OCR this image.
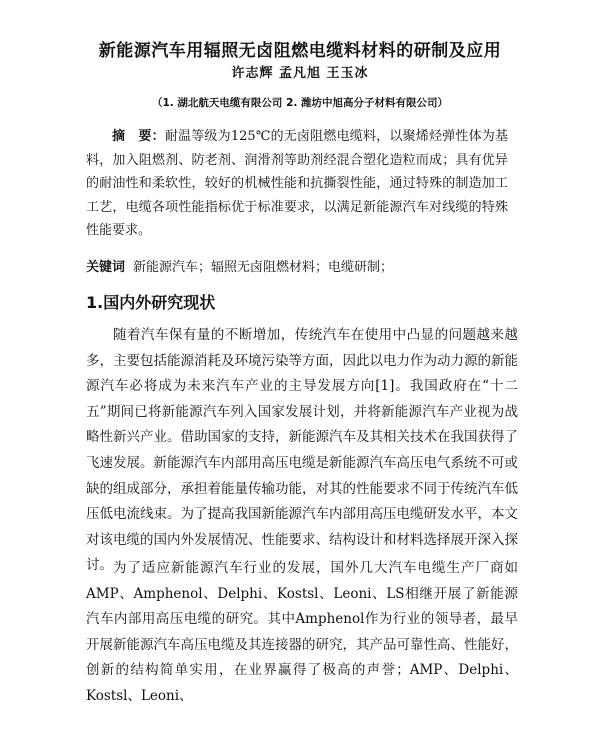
新能源汽车用辐照无卤阻燃电缆料材料的研制及应用
许志辉 孟凡旭 王玉冰
（1. 湖北航天电缆有限公司 2. 潍坊中旭高分子材料有限公司）
摘　要：耐温等级为125℃的无卤阻燃电缆料，以聚烯烃弹性体为基料，加入阻燃剂、防老剂、润滑剂等助剂经混合塑化造粒而成；具有优异的耐油性和柔软性，较好的机械性能和抗撕裂性能，通过特殊的制造加工工艺，电缆各项性能指标优于标准要求，以满足新能源汽车对线缆的特殊性能要求。
关键词 新能源汽车；辐照无卤阻燃材料；电缆研制；
1.国内外研究现状
随着汽车保有量的不断增加，传统汽车在使用中凸显的问题越来越多，主要包括能源消耗及环境污染等方面，因此以电力作为动力源的新能源汽车必将成为未来汽车产业的主导发展方向[1]。我国政府在“十二五”期间已将新能源汽车列入国家发展计划，并将新能源汽车产业视为战略性新兴产业。借助国家的支持，新能源汽车及其相关技术在我国获得了飞速发展。新能源汽车内部用高压电缆是新能源汽车高压电气系统不可或缺的组成部分，承担着能量传输功能，对其的性能要求不同于传统汽车低压低电流线束。为了提高我国新能源汽车内部用高压电缆研发水平，本文对该电缆的国内外发展情况、性能要求、结构设计和材料选择展开深入探讨。 为了适应新能源汽车行业的发展，国外几大汽车电缆生产厂商如AMP、Amphenol、Delphi、Kostsl、Leoni、LS相继开展了新能源汽车内部用高压电缆的研究。其中Amphenol作为行业的领导者，最早开展新能源汽车高压电缆及其连接器的研究，其产品可靠性高、性能好，创新的结构简单实用，在业界赢得了极高的声誉；AMP、Delphi、Kostsl、Leoni、
